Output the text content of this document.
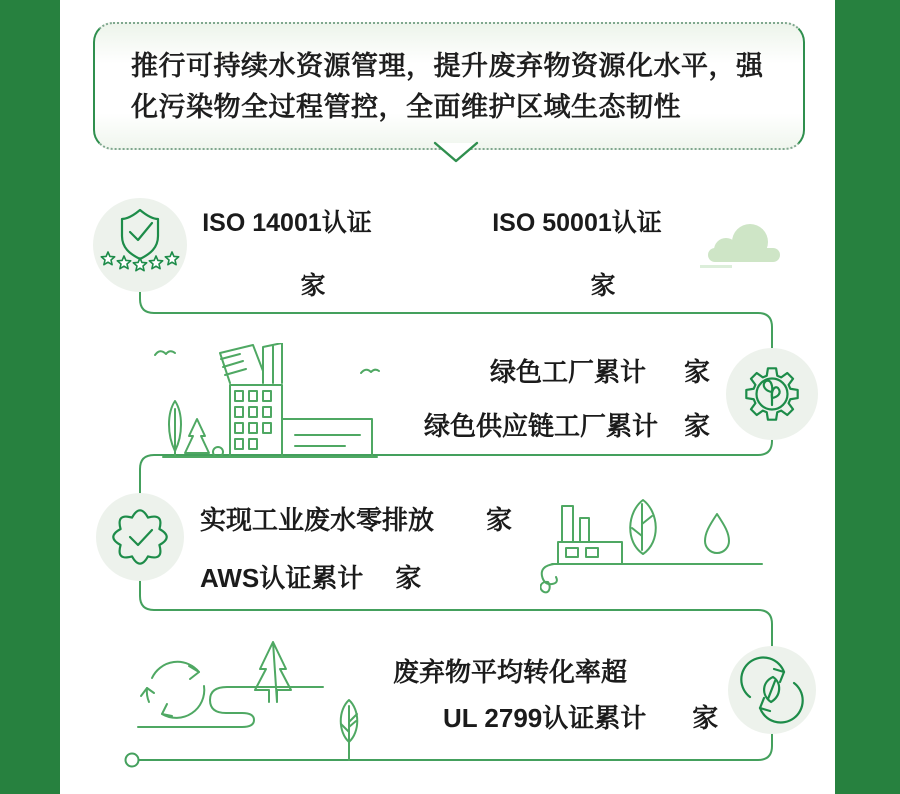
推行可持续水资源管理，提升废弃物资源化水平，强化污染物全过程管控，全面维护区域生态韧性
ISO 14001认证
家
ISO 50001认证
家
绿色工厂累计 家
绿色供应链工厂累计 家
实现工业废水零排放 家
AWS认证累计 家
废弃物平均转化率超
UL 2799认证累计 家
